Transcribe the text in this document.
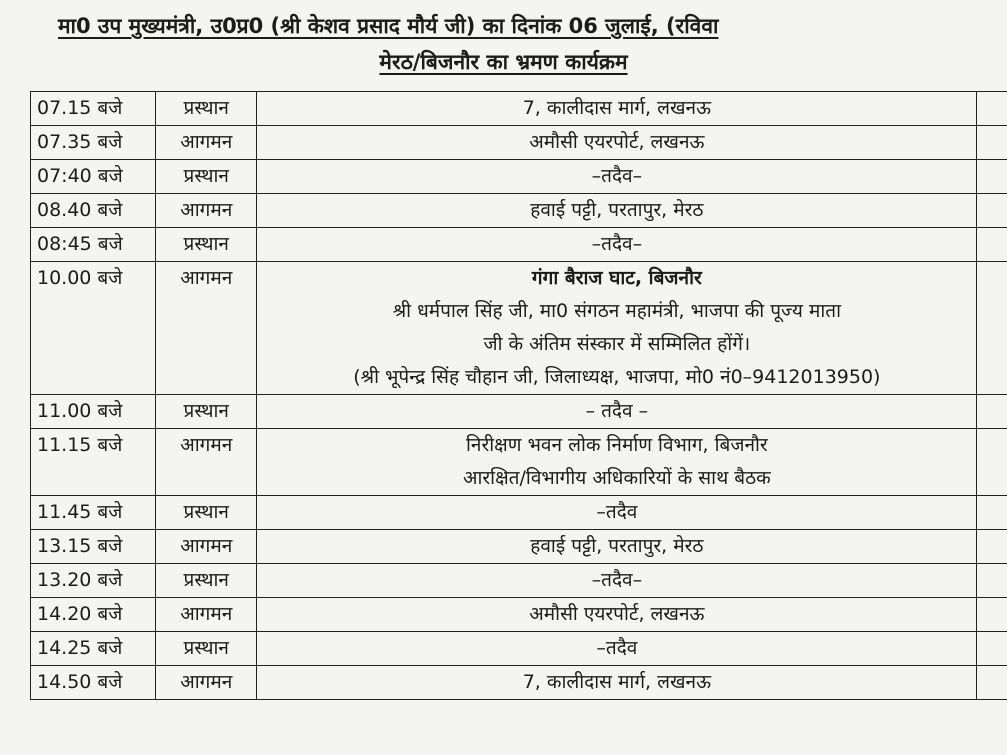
मा0 उप मुख्यमंत्री, उ0प्र0 (श्री केशव प्रसाद मौर्य जी) का दिनांक 06 जुलाई, (रविवा
मेरठ/बिजनौर का भ्रमण कार्यक्रम
07.15 बजे	प्रस्थान	7, कालीदास मार्ग, लखनऊ	
07.35 बजे	आगमन	अमौसी एयरपोर्ट, लखनऊ	
07:40 बजे	प्रस्थान	–तदैव–	
08.40 बजे	आगमन	हवाई पट्टी, परतापुर, मेरठ	
08:45 बजे	प्रस्थान	–तदैव–	
10.00 बजे	आगमन	गंगा बैराज घाट, बिजनौर
श्री धर्मपाल सिंह जी, मा0 संगठन महामंत्री, भाजपा की पूज्य माता
जी के अंतिम संस्कार में सम्मिलित होंगें।
(श्री भूपेन्द्र सिंह चौहान जी, जिलाध्यक्ष, भाजपा, मो0 नं0–9412013950)	

11.00 बजे	प्रस्थान	– तदैव –	
11.15 बजे	आगमन	निरीक्षण भवन लोक निर्माण विभाग, बिजनौर
आरक्षित/विभागीय अधिकारियों के साथ बैठक	

11.45 बजे	प्रस्थान	–तदैव	
13.15 बजे	आगमन	हवाई पट्टी, परतापुर, मेरठ	
13.20 बजे	प्रस्थान	–तदैव–	
14.20 बजे	आगमन	अमौसी एयरपोर्ट, लखनऊ	
14.25 बजे	प्रस्थान	–तदैव	
14.50 बजे	आगमन	7, कालीदास मार्ग, लखनऊ	
